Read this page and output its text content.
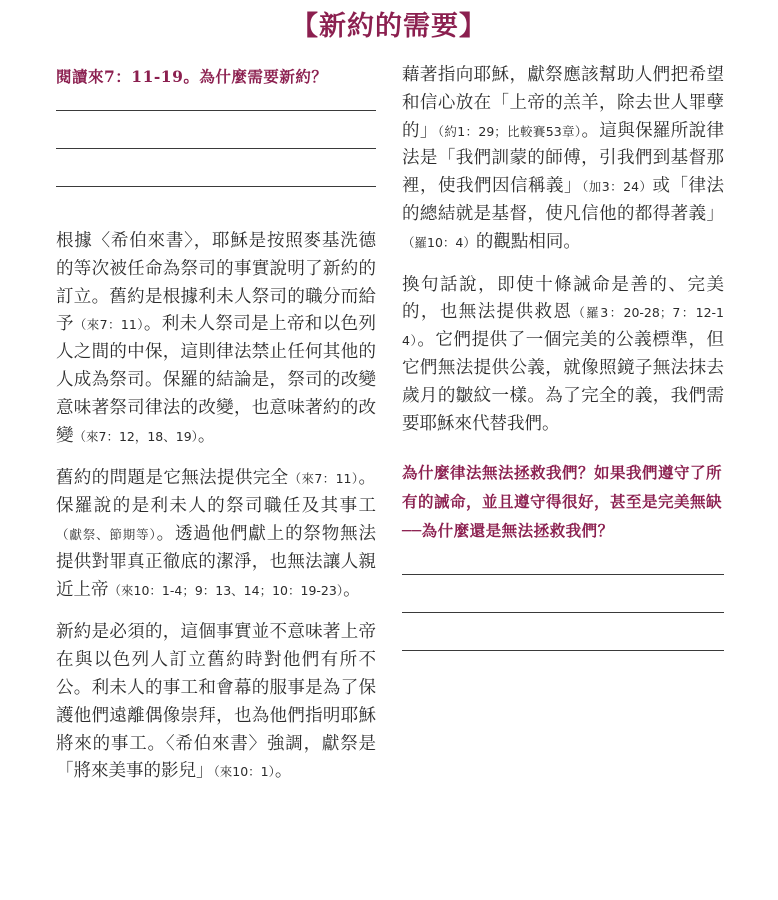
【新約的需要】
閱讀來7：11-19。為什麼需要新約？

根據〈希伯來書〉，耶穌是按照麥基洗德的等次被任命為祭司的事實說明了新約的訂立。舊約是根據利未人祭司的職分而給予（來7：11）。利未人祭司是上帝和以色列人之間的中保，這則律法禁止任何其他的人成為祭司。保羅的結論是，祭司的改變意味著祭司律法的改變，也意味著約的改變（來7：12，18、19）。

舊約的問題是它無法提供完全（來7：11）。保羅說的是利未人的祭司職任及其事工（獻祭、節期等）。透過他們獻上的祭物無法提供對罪真正徹底的潔淨，也無法讓人親近上帝（來10：1-4；9：13、14；10：19-23）。

新約是必須的，這個事實並不意味著上帝在與以色列人訂立舊約時對他們有所不公。利未人的事工和會幕的服事是為了保護他們遠離偶像崇拜，也為他們指明耶穌將來的事工。〈希伯來書〉強調，獻祭是「將來美事的影兒」（來10：1）。

藉著指向耶穌，獻祭應該幫助人們把希望和信心放在「上帝的羔羊，除去世人罪孽的」（約1：29；比較賽53章）。這與保羅所說律法是「我們訓蒙的師傅，引我們到基督那裡，使我們因信稱義」（加3：24）或「律法的總結就是基督，使凡信他的都得著義」（羅10：4）的觀點相同。

換句話說，即使十條誡命是善的、完美的，也無法提供救恩（羅3：20-28；7：12-14）。它們提供了一個完美的公義標準，但它們無法提供公義，就像照鏡子無法抹去歲月的皺紋一樣。為了完全的義，我們需要耶穌來代替我們。

為什麼律法無法拯救我們？如果我們遵守了所有的誡命，並且遵守得很好，甚至是完美無缺──為什麼還是無法拯救我們？
